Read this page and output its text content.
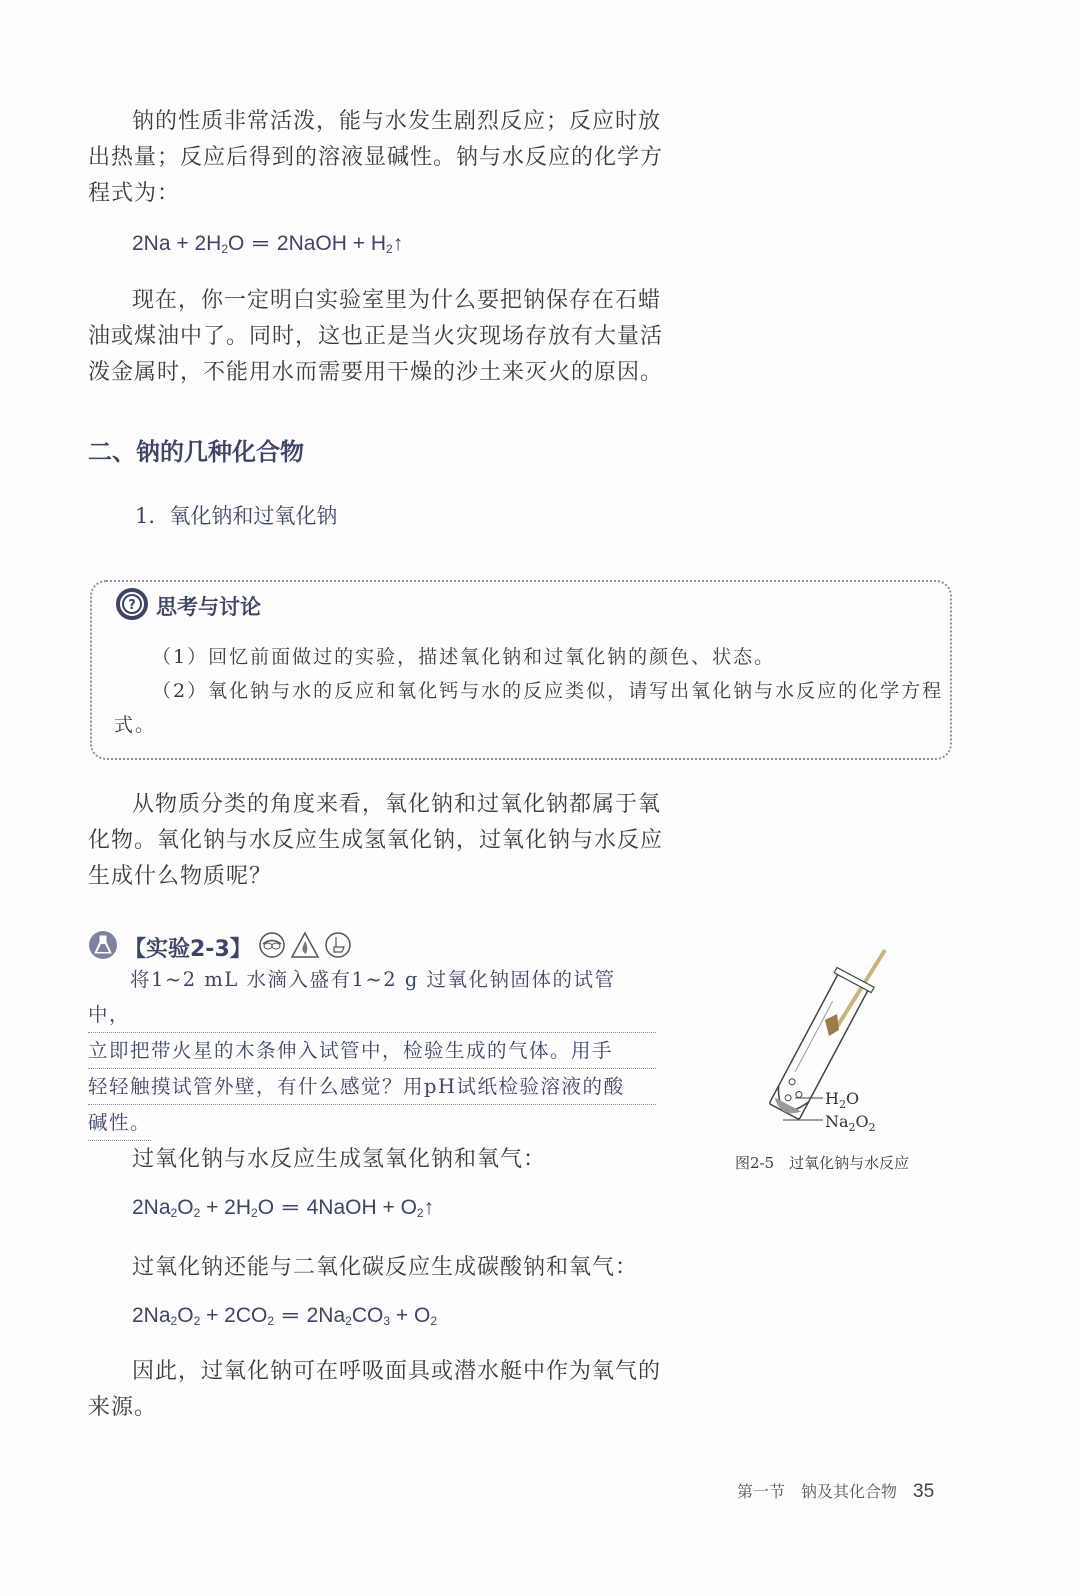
钠的性质非常活泼，能与水发生剧烈反应；反应时放出热量；反应后得到的溶液显碱性。钠与水反应的化学方程式为：
$2Na + 2H_2O$ ═ 2NaOH + $H_2↑$
现在，你一定明白实验室里为什么要把钠保存在石蜡油或煤油中了。同时，这也正是当火灾现场存放有大量活泼金属时，不能用水而需要用干燥的沙土来灭火的原因。
二、钠的几种化合物
1．氧化钠和过氧化钠
? 思考与讨论
（1）回忆前面做过的实验，描述氧化钠和过氧化钠的颜色、状态。
（2）氧化钠与水的反应和氧化钙与水的反应类似，请写出氧化钠与水反应的化学方程式。
从物质分类的角度来看，氧化钠和过氧化钠都属于氧化物。氧化钠与水反应生成氢氧化钠，过氧化钠与水反应生成什么物质呢？
【实验2-3】
将1~2 mL 水滴入盛有1~2 g 过氧化钠固体的试管中，
立即把带火星的木条伸入试管中，检验生成的气体。用手
轻轻触摸试管外壁，有什么感觉？用pH试纸检验溶液的酸
碱性。
$H_2O$
$Na_2O_2$
图2-5　过氧化钠与水反应
过氧化钠与水反应生成氢氧化钠和氧气：
$2Na_2O_2 + 2H_2O$ ═ 4NaOH + $O_2↑$
过氧化钠还能与二氧化碳反应生成碳酸钠和氧气：
$2Na_2O_2 + 2CO_2$ ═ $2Na_2CO_3 + O_2$
因此，过氧化钠可在呼吸面具或潜水艇中作为氧气的来源。
第一节　钠及其化合物 35
